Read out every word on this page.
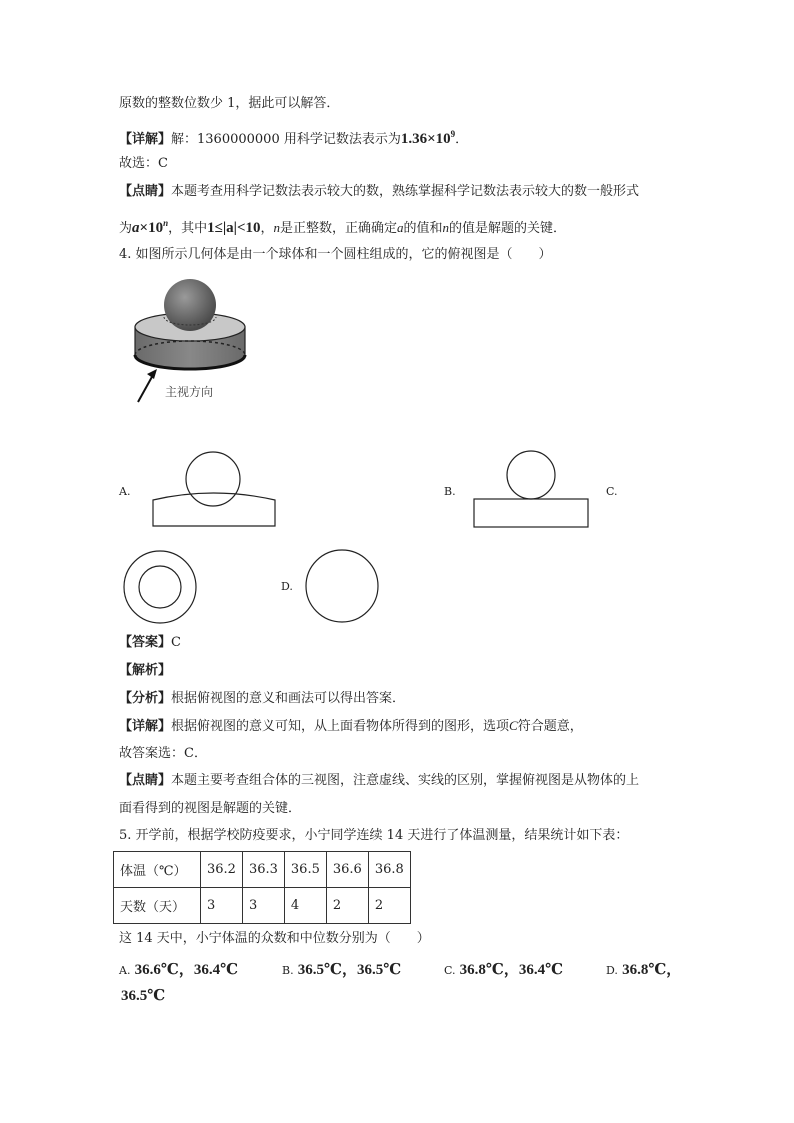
原数的整数位数少 1，据此可以解答．
【详解】解：1360000000 用科学记数法表示为$1.36\times 10^9$．
故选：C
【点睛】本题考查用科学记数法表示较大的数，熟练掌握科学记数法表示较大的数一般形式
为$a\times 10^n$，其中1≤|a|<10，n是正整数，正确确定a的值和n的值是解题的关键．
4. 如图所示几何体是由一个球体和一个圆柱组成的，它的俯视图是（　　）
主视方向
A.	B.	C.
D.
【答案】C
【解析】
【分析】根据俯视图的意义和画法可以得出答案．
【详解】根据俯视图的意义可知，从上面看物体所得到的图形，选项C符合题意，
故答案选：C．
【点睛】本题主要考查组合体的三视图，注意虚线、实线的区别，掌握俯视图是从物体的上
面看得到的视图是解题的关键．
5. 开学前，根据学校防疫要求，小宁同学连续 14 天进行了体温测量，结果统计如下表：
体温（℃）	36.2	36.3	36.5	36.6	36.8
天数（天）	3	3	4	2	2
这 14 天中，小宁体温的众数和中位数分别为（　　）
A. 36.6℃，36.4℃	B. 36.5℃，36.5℃	C. 36.8℃，36.4℃	D. 36.8℃，
36.5℃
